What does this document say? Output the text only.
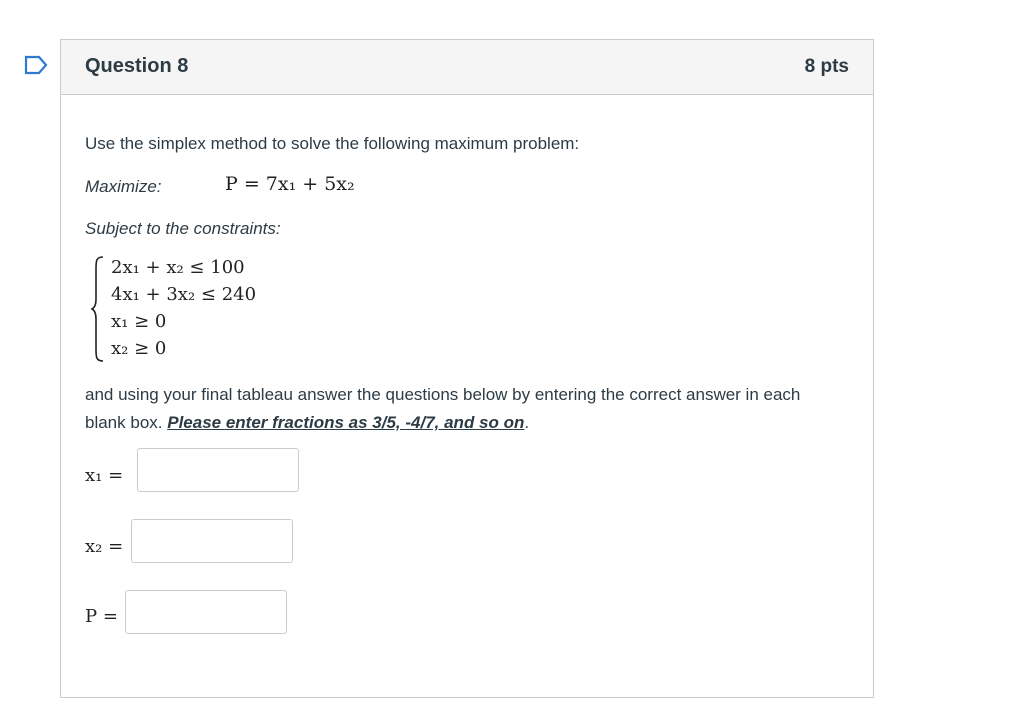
Question 8	8 pts
Use the simplex method to solve the following maximum problem:
Maximize:	P = 7x₁ + 5x₂
Subject to the constraints:
2x₁ + x₂ ≤ 100
4x₁ + 3x₂ ≤ 240
x₁ ≥ 0
x₂ ≥ 0
and using your final tableau answer the questions below by entering the correct answer in each blank box. Please enter fractions as 3/5, -4/7, and so on.
x₁ =
x₂ =
P =
